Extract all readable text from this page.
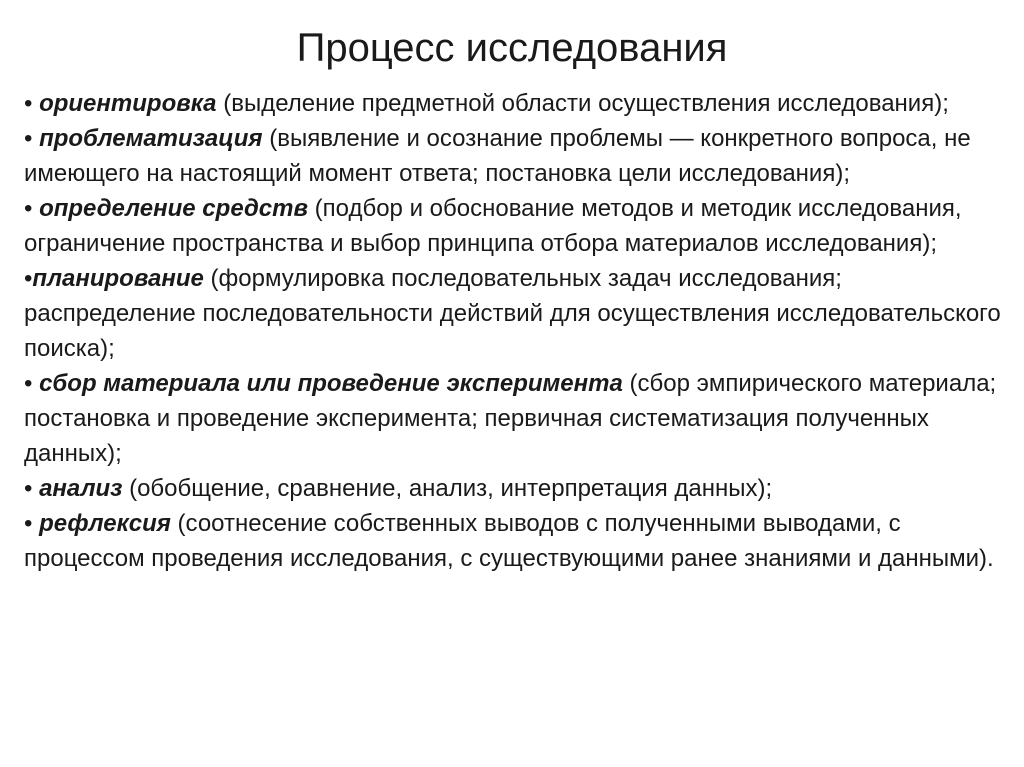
Процесс исследования

• ориентировка (выделение предметной области осуществления исследования);

• проблематизация (выявление и осознание проблемы — конкретного вопроса, не имеющего на настоящий момент ответа; постановка цели исследования);

• определение средств (подбор и обоснование методов и методик исследования, ограничение пространства и выбор принципа отбора материалов исследования);

•планирование (формулировка последовательных задач исследования; распределение последовательности действий для осуществления исследовательского поиска);

• сбор материала или проведение эксперимента (сбор эмпирического материала; постановка и проведение эксперимента; первичная систематизация полученных данных);

• анализ (обобщение, сравнение, анализ, интерпретация данных);

• рефлексия (соотнесение собственных выводов с полученными выводами, с процессом проведения исследования, с существующими ранее знаниями и данными).
